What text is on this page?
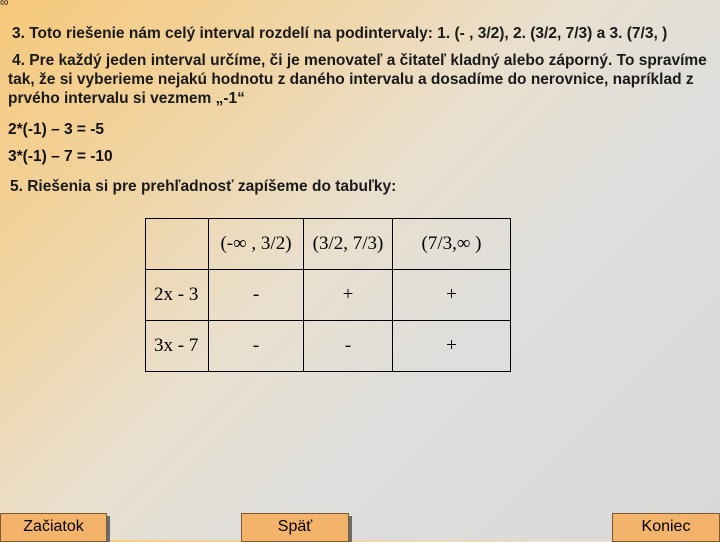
∞
3. Toto riešenie nám celý interval rozdelí na podintervaly: 1. (- , 3/2), 2. (3/2, 7/3) a 3. (7/3, )
4. Pre každý jeden interval určíme, či je menovateľ a čitateľ kladný alebo záporný. To spravíme tak, že si vyberieme nejakú hodnotu z daného intervalu a dosadíme do nerovnice, napríklad z prvého intervalu si vezmem „-1“
2*(-1) – 3 = -5
3*(-1) – 7 = -10
5. Riešenia si pre prehľadnosť zapíšeme do tabuľky:
	(-∞ , 3/2)	(3/2, 7/3)	(7/3,∞ )
2x - 3	-	+	+
3x - 7	-	-	+
Začiatok	Späť	Koniec
